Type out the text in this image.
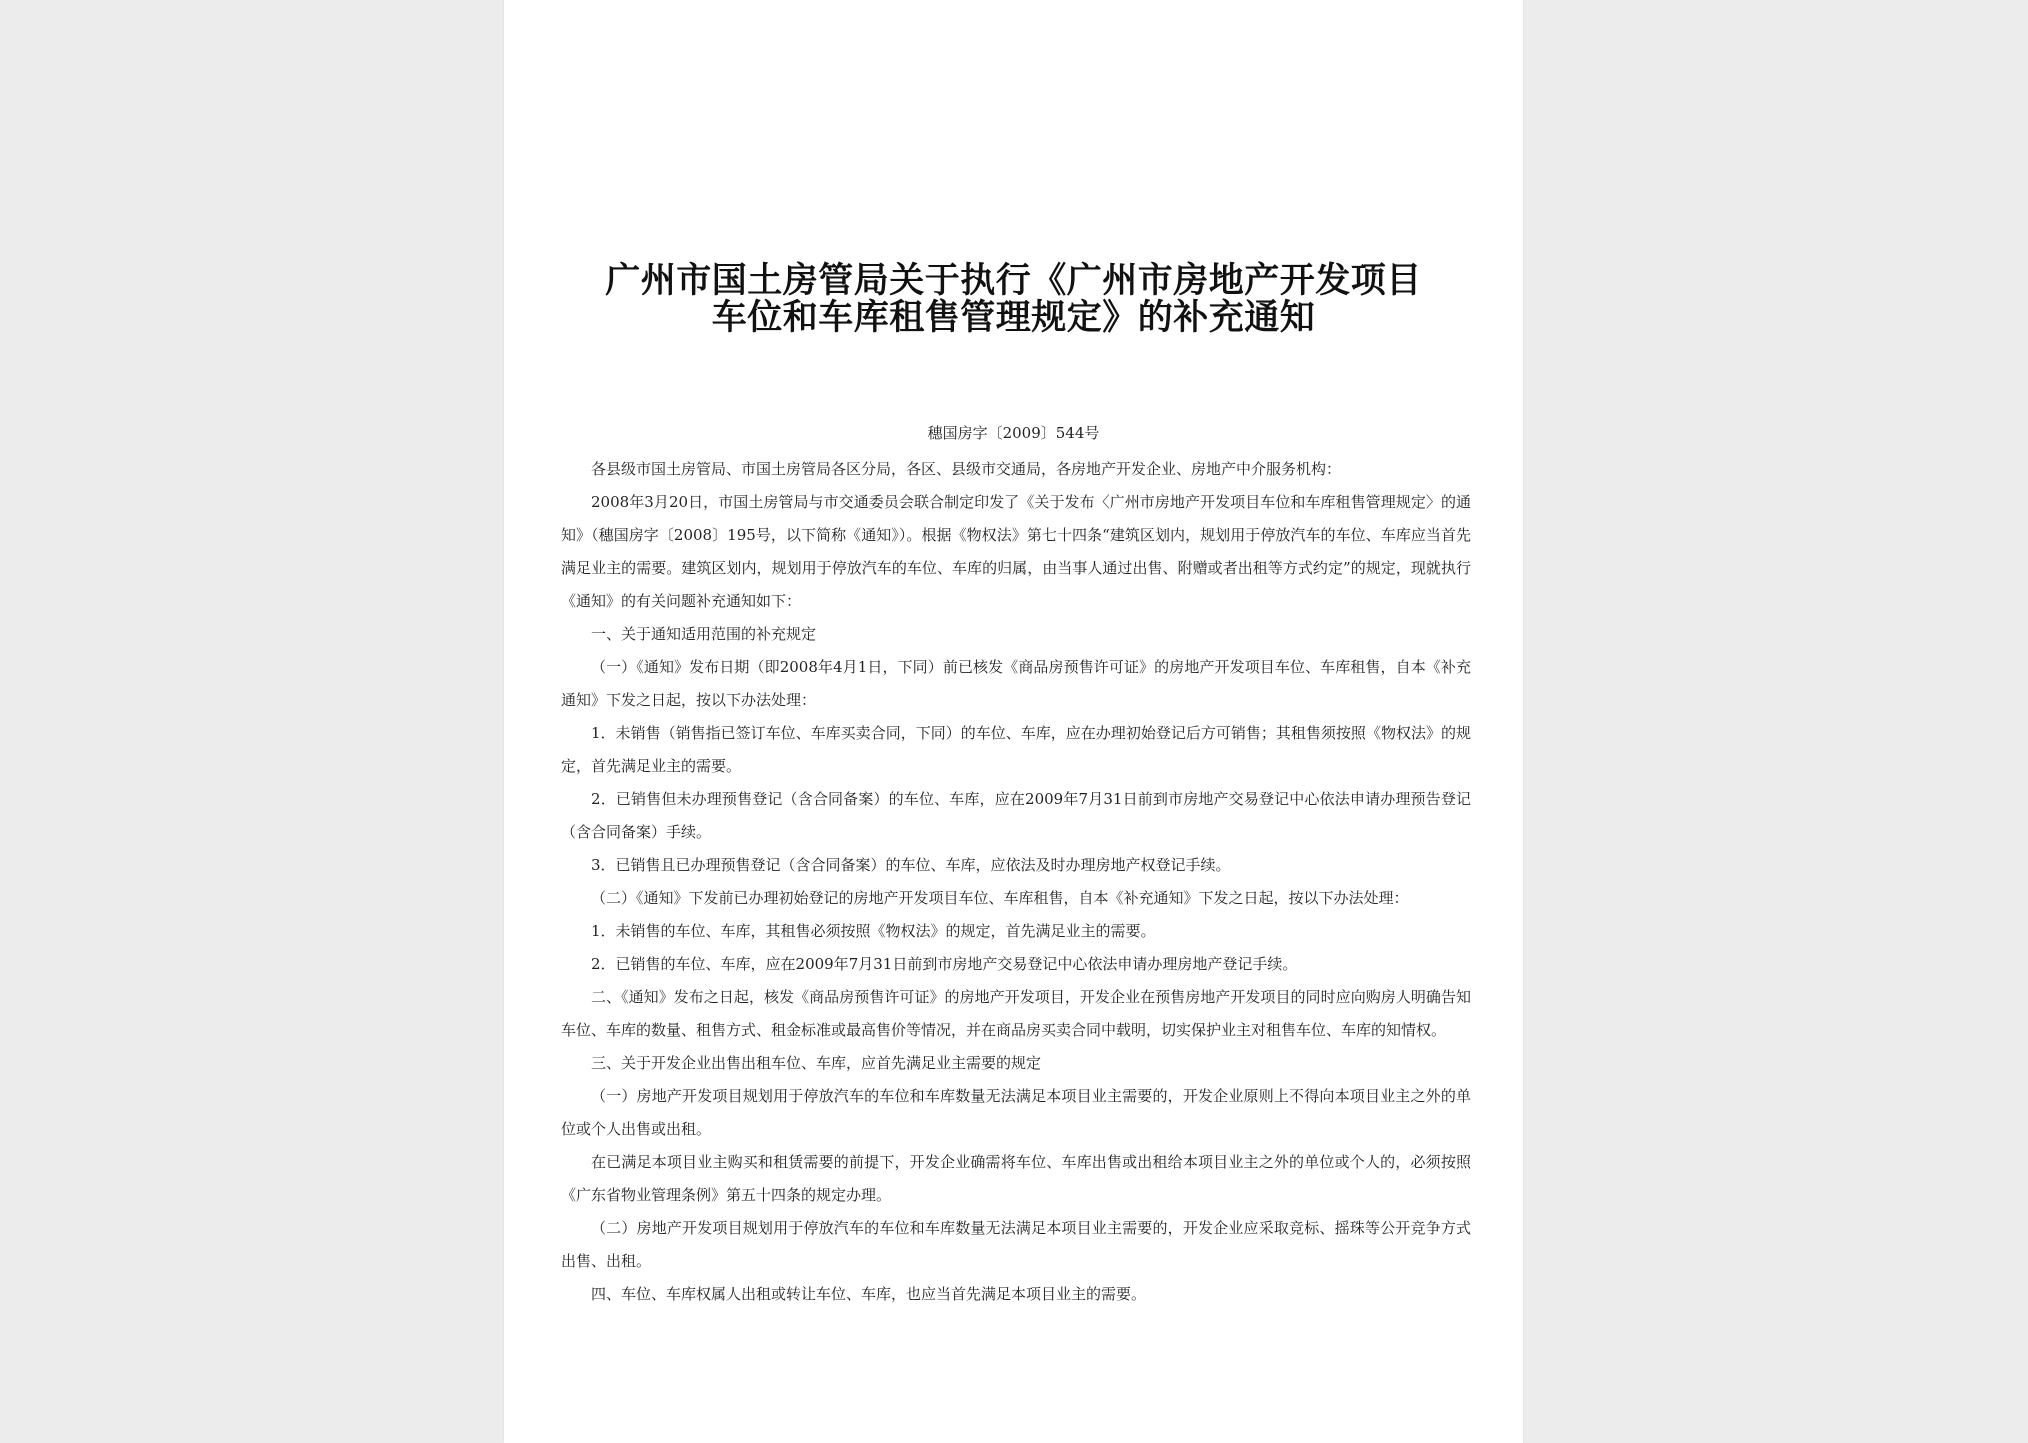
广州市国土房管局关于执行《广州市房地产开发项目
车位和车库租售管理规定》的补充通知
穗国房字〔2009〕544号

各县级市国土房管局、市国土房管局各区分局，各区、县级市交通局，各房地产开发企业、房地产中介服务机构：

2008年3月20日，市国土房管局与市交通委员会联合制定印发了《关于发布〈广州市房地产开发项目车位和车库租售管理规定〉的通知》（穗国房字〔2008〕195号，以下简称《通知》）。根据《物权法》第七十四条“建筑区划内，规划用于停放汽车的车位、车库应当首先满足业主的需要。建筑区划内，规划用于停放汽车的车位、车库的归属，由当事人通过出售、附赠或者出租等方式约定”的规定，现就执行《通知》的有关问题补充通知如下：

一、关于通知适用范围的补充规定

（一）《通知》发布日期（即2008年4月1日，下同）前已核发《商品房预售许可证》的房地产开发项目车位、车库租售，自本《补充通知》下发之日起，按以下办法处理：

1．未销售（销售指已签订车位、车库买卖合同，下同）的车位、车库，应在办理初始登记后方可销售；其租售须按照《物权法》的规定，首先满足业主的需要。

2．已销售但未办理预售登记（含合同备案）的车位、车库，应在2009年7月31日前到市房地产交易登记中心依法申请办理预告登记（含合同备案）手续。

3．已销售且已办理预售登记（含合同备案）的车位、车库，应依法及时办理房地产权登记手续。

（二）《通知》下发前已办理初始登记的房地产开发项目车位、车库租售，自本《补充通知》下发之日起，按以下办法处理：

1．未销售的车位、车库，其租售必须按照《物权法》的规定，首先满足业主的需要。

2．已销售的车位、车库，应在2009年7月31日前到市房地产交易登记中心依法申请办理房地产登记手续。

二、《通知》发布之日起，核发《商品房预售许可证》的房地产开发项目，开发企业在预售房地产开发项目的同时应向购房人明确告知车位、车库的数量、租售方式、租金标准或最高售价等情况，并在商品房买卖合同中载明，切实保护业主对租售车位、车库的知情权。

三、关于开发企业出售出租车位、车库，应首先满足业主需要的规定

（一）房地产开发项目规划用于停放汽车的车位和车库数量无法满足本项目业主需要的，开发企业原则上不得向本项目业主之外的单位或个人出售或出租。

在已满足本项目业主购买和租赁需要的前提下，开发企业确需将车位、车库出售或出租给本项目业主之外的单位或个人的，必须按照《广东省物业管理条例》第五十四条的规定办理。

（二）房地产开发项目规划用于停放汽车的车位和车库数量无法满足本项目业主需要的，开发企业应采取竞标、摇珠等公开竞争方式出售、出租。

四、车位、车库权属人出租或转让车位、车库，也应当首先满足本项目业主的需要。
